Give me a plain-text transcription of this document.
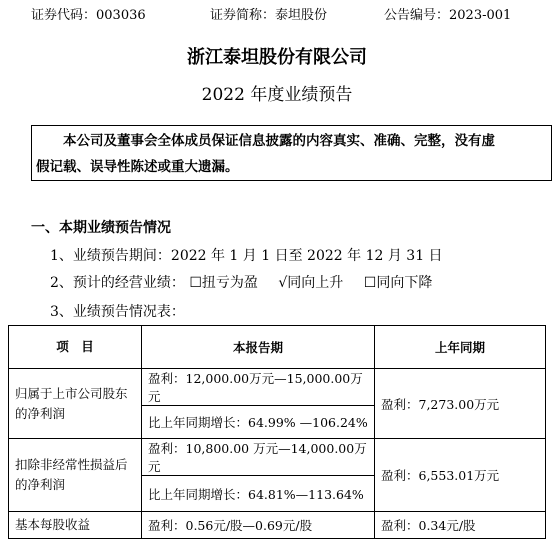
证券代码：003036	证券简称：泰坦股份	公告编号：2023-001
浙江泰坦股份有限公司
2022 年度业绩预告
本公司及董事会全体成员保证信息披露的内容真实、准确、完整，没有虚
假记载、误导性陈述或重大遗漏。
一、本期业绩预告情况
1、业绩预告期间：2022 年 1 月 1 日至 2022 年 12 月 31 日
2、预计的经营业绩： ☐扭亏为盈 √同向上升 ☐同向下降
3、业绩预告情况表：
项　目	本报告期	上年同期
归属于上市公司股东的净利润	盈利：12,000.00万元—15,000.00万元	盈利：7,273.00万元
	比上年同期增长：64.99% —106.24%	
扣除非经常性损益后的净利润	盈利：10,800.00 万元—14,000.00万元	盈利：6,553.01万元
	比上年同期增长：64.81%—113.64%	
基本每股收益	盈利：0.56元/股—0.69元/股	盈利：0.34元/股
